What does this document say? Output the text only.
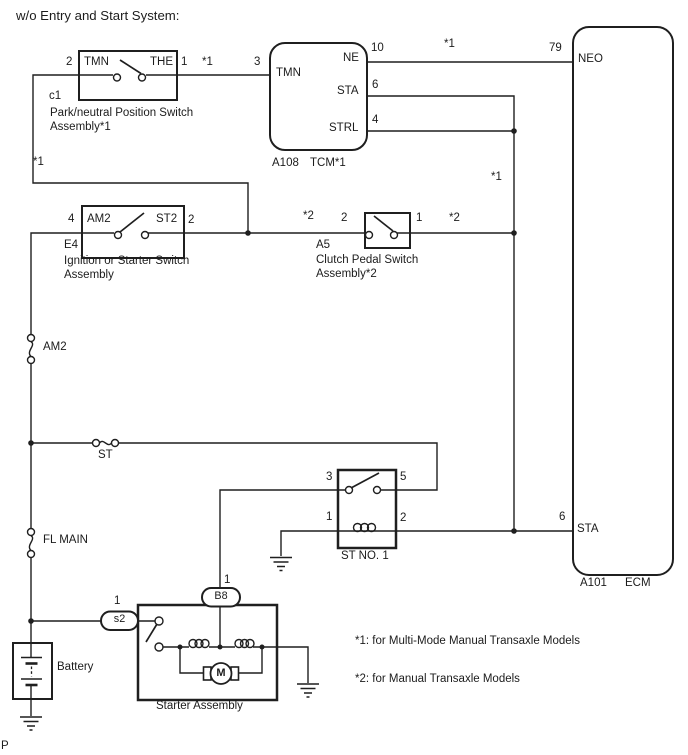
w/o Entry and Start System:
2 TMN	THE 1 *1	3
c1
Park/neutral Position Switch
Assembly*1
TMN
NE
10
STA 6
STRL
4
A108 TCM*1
*1	79
NEO
*1
*1
4 AM2	ST2 2
E4
Ignition or Starter Switch
Assembly
*2 2	1 *2
A5
Clutch Pedal Switch
Assembly*2
AM2
ST
FL MAIN
3	5
1	2
ST NO. 1
6
STA
A101 ECM
1
s2
1
B8
M
Starter Assembly
Battery
*1: for Multi-Mode Manual Transaxle Models
*2: for Manual Transaxle Models
P
